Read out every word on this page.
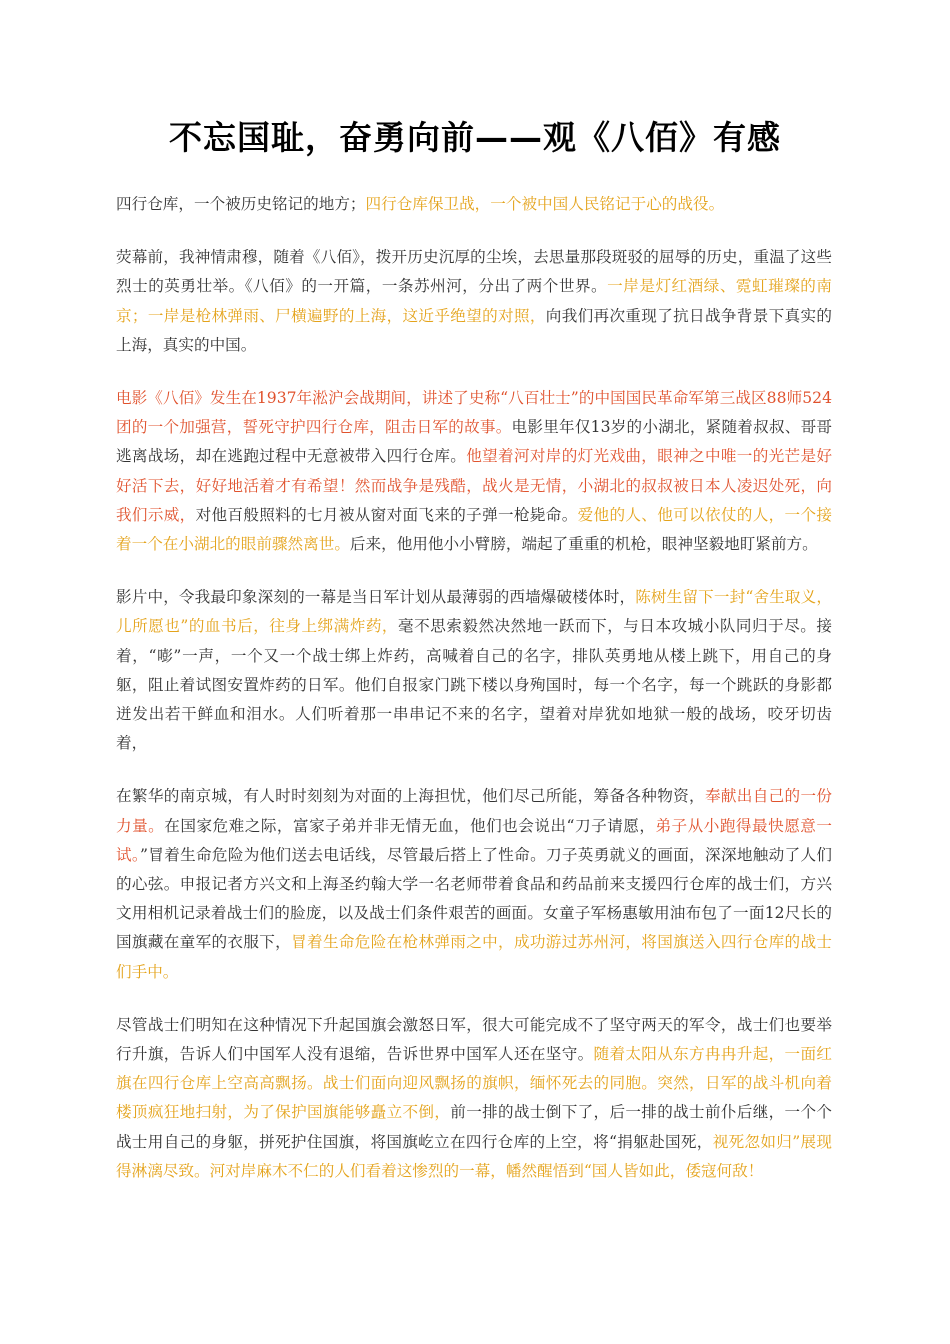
不忘国耻，奋勇向前——观《八佰》有感

四行仓库，一个被历史铭记的地方；四行仓库保卫战，一个被中国人民铭记于心的战役。

荧幕前，我神情肃穆，随着《八佰》，拨开历史沉厚的尘埃，去思量那段斑驳的屈辱的历史，重温了这些烈士的英勇壮举。《八佰》的一开篇，一条苏州河，分出了两个世界。一岸是灯红酒绿、霓虹璀璨的南京；一岸是枪林弹雨、尸横遍野的上海，这近乎绝望的对照，向我们再次重现了抗日战争背景下真实的上海，真实的中国。

电影《八佰》发生在1937年淞沪会战期间，讲述了史称“八百壮士”的中国国民革命军第三战区88师524团的一个加强营，誓死守护四行仓库，阻击日军的故事。电影里年仅13岁的小湖北，紧随着叔叔、哥哥逃离战场，却在逃跑过程中无意被带入四行仓库。他望着河对岸的灯光戏曲，眼神之中唯一的光芒是好好活下去，好好地活着才有希望！然而战争是残酷，战火是无情，小湖北的叔叔被日本人凌迟处死，向我们示威，对他百般照料的七月被从窗对面飞来的子弹一枪毙命。爱他的人、他可以依仗的人，一个接着一个在小湖北的眼前骤然离世。后来，他用他小小臂膀，端起了重重的机枪，眼神坚毅地盯紧前方。

影片中，令我最印象深刻的一幕是当日军计划从最薄弱的西墙爆破楼体时，陈树生留下一封“舍生取义，儿所愿也”的血书后，往身上绑满炸药，毫不思索毅然决然地一跃而下，与日本攻城小队同归于尽。接着，“嘭”一声，一个又一个战士绑上炸药，高喊着自己的名字，排队英勇地从楼上跳下，用自己的身躯，阻止着试图安置炸药的日军。他们自报家门跳下楼以身殉国时，每一个名字，每一个跳跃的身影都迸发出若干鲜血和泪水。人们听着那一串串记不来的名字，望着对岸犹如地狱一般的战场，咬牙切齿着，

在繁华的南京城，有人时时刻刻为对面的上海担忧，他们尽己所能，筹备各种物资，奉献出自己的一份力量。在国家危难之际，富家子弟并非无情无血，他们也会说出“刀子请愿，弟子从小跑得最快愿意一试。”冒着生命危险为他们送去电话线，尽管最后搭上了性命。刀子英勇就义的画面，深深地触动了人们的心弦。申报记者方兴文和上海圣约翰大学一名老师带着食品和药品前来支援四行仓库的战士们，方兴文用相机记录着战士们的脸庞，以及战士们条件艰苦的画面。女童子军杨惠敏用油布包了一面12尺长的国旗藏在童军的衣服下，冒着生命危险在枪林弹雨之中，成功游过苏州河，将国旗送入四行仓库的战士们手中。

尽管战士们明知在这种情况下升起国旗会激怒日军，很大可能完成不了坚守两天的军令，战士们也要举行升旗，告诉人们中国军人没有退缩，告诉世界中国军人还在坚守。随着太阳从东方冉冉升起，一面红旗在四行仓库上空高高飘扬。战士们面向迎风飘扬的旗帜，缅怀死去的同胞。突然，日军的战斗机向着楼顶疯狂地扫射，为了保护国旗能够矗立不倒，前一排的战士倒下了，后一排的战士前仆后继，一个个战士用自己的身躯，拼死护住国旗，将国旗屹立在四行仓库的上空，将“捐躯赴国死，视死忽如归”展现得淋漓尽致。河对岸麻木不仁的人们看着这惨烈的一幕，幡然醒悟到“国人皆如此，倭寇何敌！
